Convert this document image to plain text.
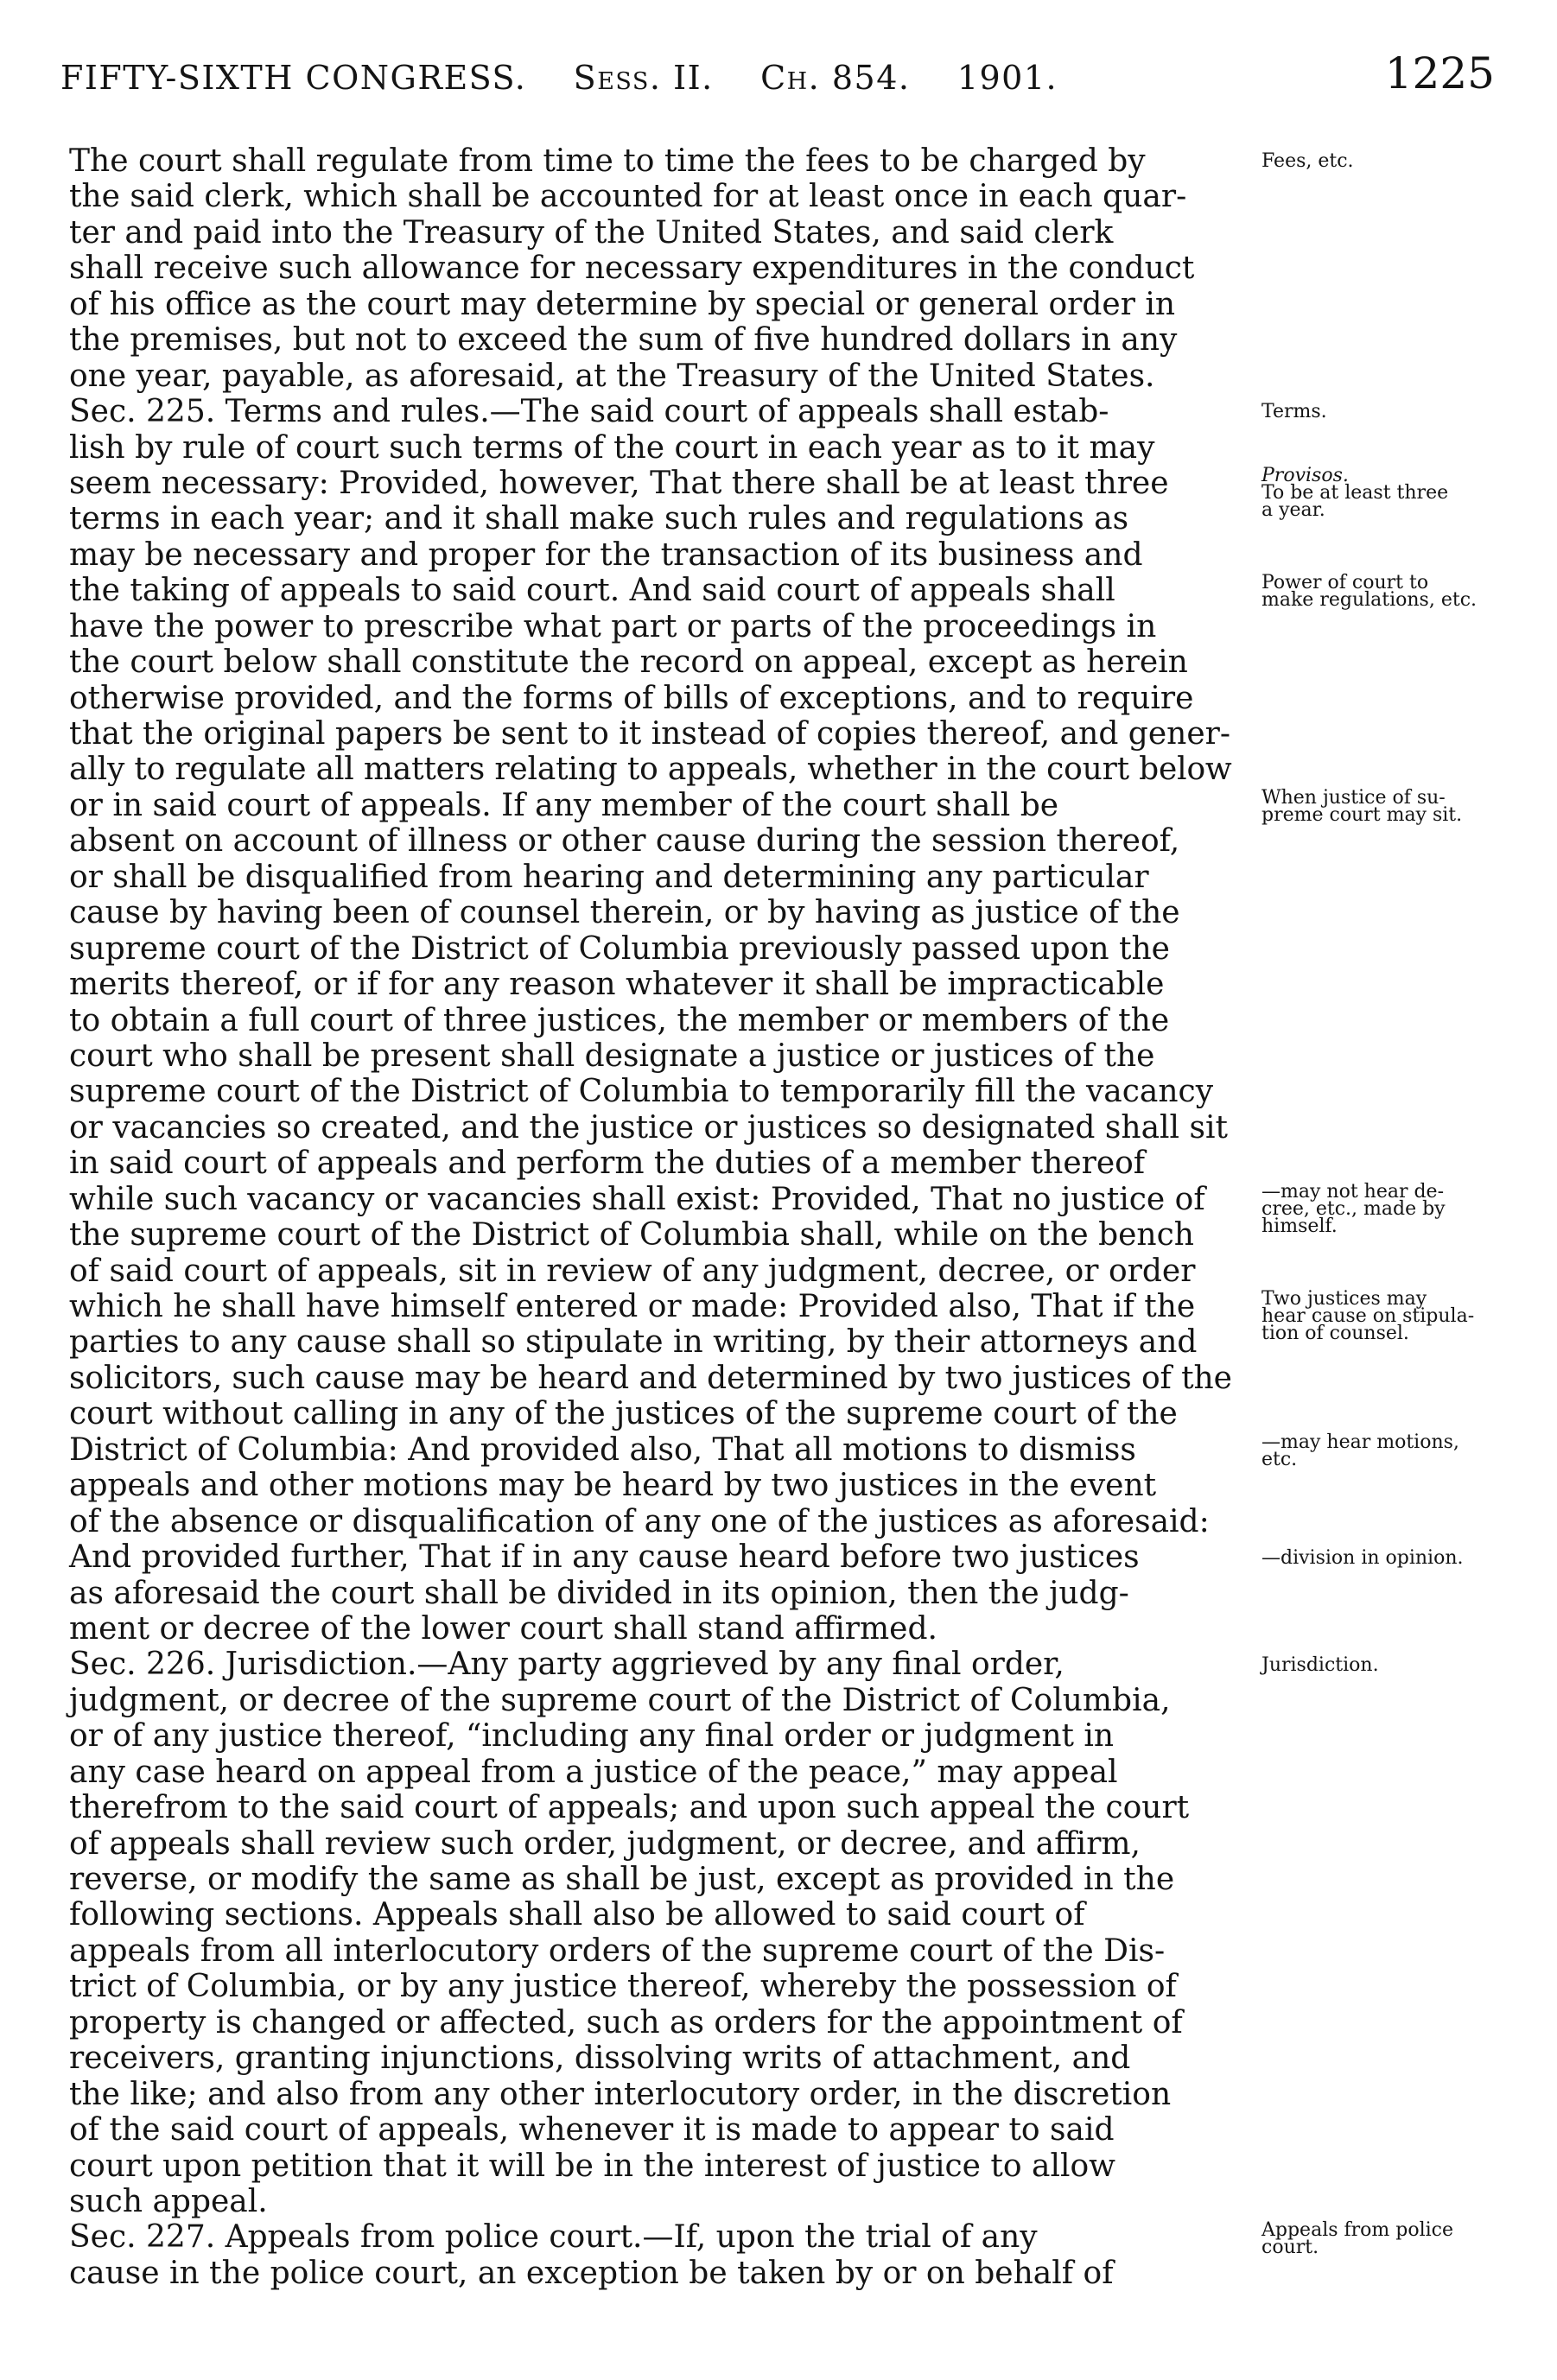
FIFTY-SIXTH CONGRESS. Sess. II. Ch. 854. 1901.	1225
The court shall regulate from time to time the fees to be charged by
the said clerk, which shall be accounted for at least once in each quar-
ter and paid into the Treasury of the United States, and said clerk
shall receive such allowance for necessary expenditures in the conduct
of his office as the court may determine by special or general order in
the premises, but not to exceed the sum of five hundred dollars in any
one year, payable, as aforesaid, at the Treasury of the United States.
Sec. 225. Terms and rules.—The said court of appeals shall estab-
lish by rule of court such terms of the court in each year as to it may
seem necessary: Provided, however, That there shall be at least three
terms in each year; and it shall make such rules and regulations as
may be necessary and proper for the transaction of its business and
the taking of appeals to said court. And said court of appeals shall
have the power to prescribe what part or parts of the proceedings in
the court below shall constitute the record on appeal, except as herein
otherwise provided, and the forms of bills of exceptions, and to require
that the original papers be sent to it instead of copies thereof, and gener-
ally to regulate all matters relating to appeals, whether in the court below
or in said court of appeals. If any member of the court shall be
absent on account of illness or other cause during the session thereof,
or shall be disqualified from hearing and determining any particular
cause by having been of counsel therein, or by having as justice of the
supreme court of the District of Columbia previously passed upon the
merits thereof, or if for any reason whatever it shall be impracticable
to obtain a full court of three justices, the member or members of the
court who shall be present shall designate a justice or justices of the
supreme court of the District of Columbia to temporarily fill the vacancy
or vacancies so created, and the justice or justices so designated shall sit
in said court of appeals and perform the duties of a member thereof
while such vacancy or vacancies shall exist: Provided, That no justice of
the supreme court of the District of Columbia shall, while on the bench
of said court of appeals, sit in review of any judgment, decree, or order
which he shall have himself entered or made: Provided also, That if the
parties to any cause shall so stipulate in writing, by their attorneys and
solicitors, such cause may be heard and determined by two justices of the
court without calling in any of the justices of the supreme court of the
District of Columbia: And provided also, That all motions to dismiss
appeals and other motions may be heard by two justices in the event
of the absence or disqualification of any one of the justices as aforesaid:
And provided further, That if in any cause heard before two justices
as aforesaid the court shall be divided in its opinion, then the judg-
ment or decree of the lower court shall stand affirmed.
Sec. 226. Jurisdiction.—Any party aggrieved by any final order,
judgment, or decree of the supreme court of the District of Columbia,
or of any justice thereof, “including any final order or judgment in
any case heard on appeal from a justice of the peace,” may appeal
therefrom to the said court of appeals; and upon such appeal the court
of appeals shall review such order, judgment, or decree, and affirm,
reverse, or modify the same as shall be just, except as provided in the
following sections. Appeals shall also be allowed to said court of
appeals from all interlocutory orders of the supreme court of the Dis-
trict of Columbia, or by any justice thereof, whereby the possession of
property is changed or affected, such as orders for the appointment of
receivers, granting injunctions, dissolving writs of attachment, and
the like; and also from any other interlocutory order, in the discretion
of the said court of appeals, whenever it is made to appear to said
court upon petition that it will be in the interest of justice to allow
such appeal.
Sec. 227. Appeals from police court.—If, upon the trial of any
cause in the police court, an exception be taken by or on behalf of
Fees, etc.
Terms.
Provisos.
To be at least three
a year.
Power of court to
make regulations, etc.
When justice of su-
preme court may sit.
—may not hear de-
cree, etc., made by
himself.
Two justices may
hear cause on stipula-
tion of counsel.
—may hear motions,
etc.
—division in opinion.
Jurisdiction.
Appeals from police
court.
